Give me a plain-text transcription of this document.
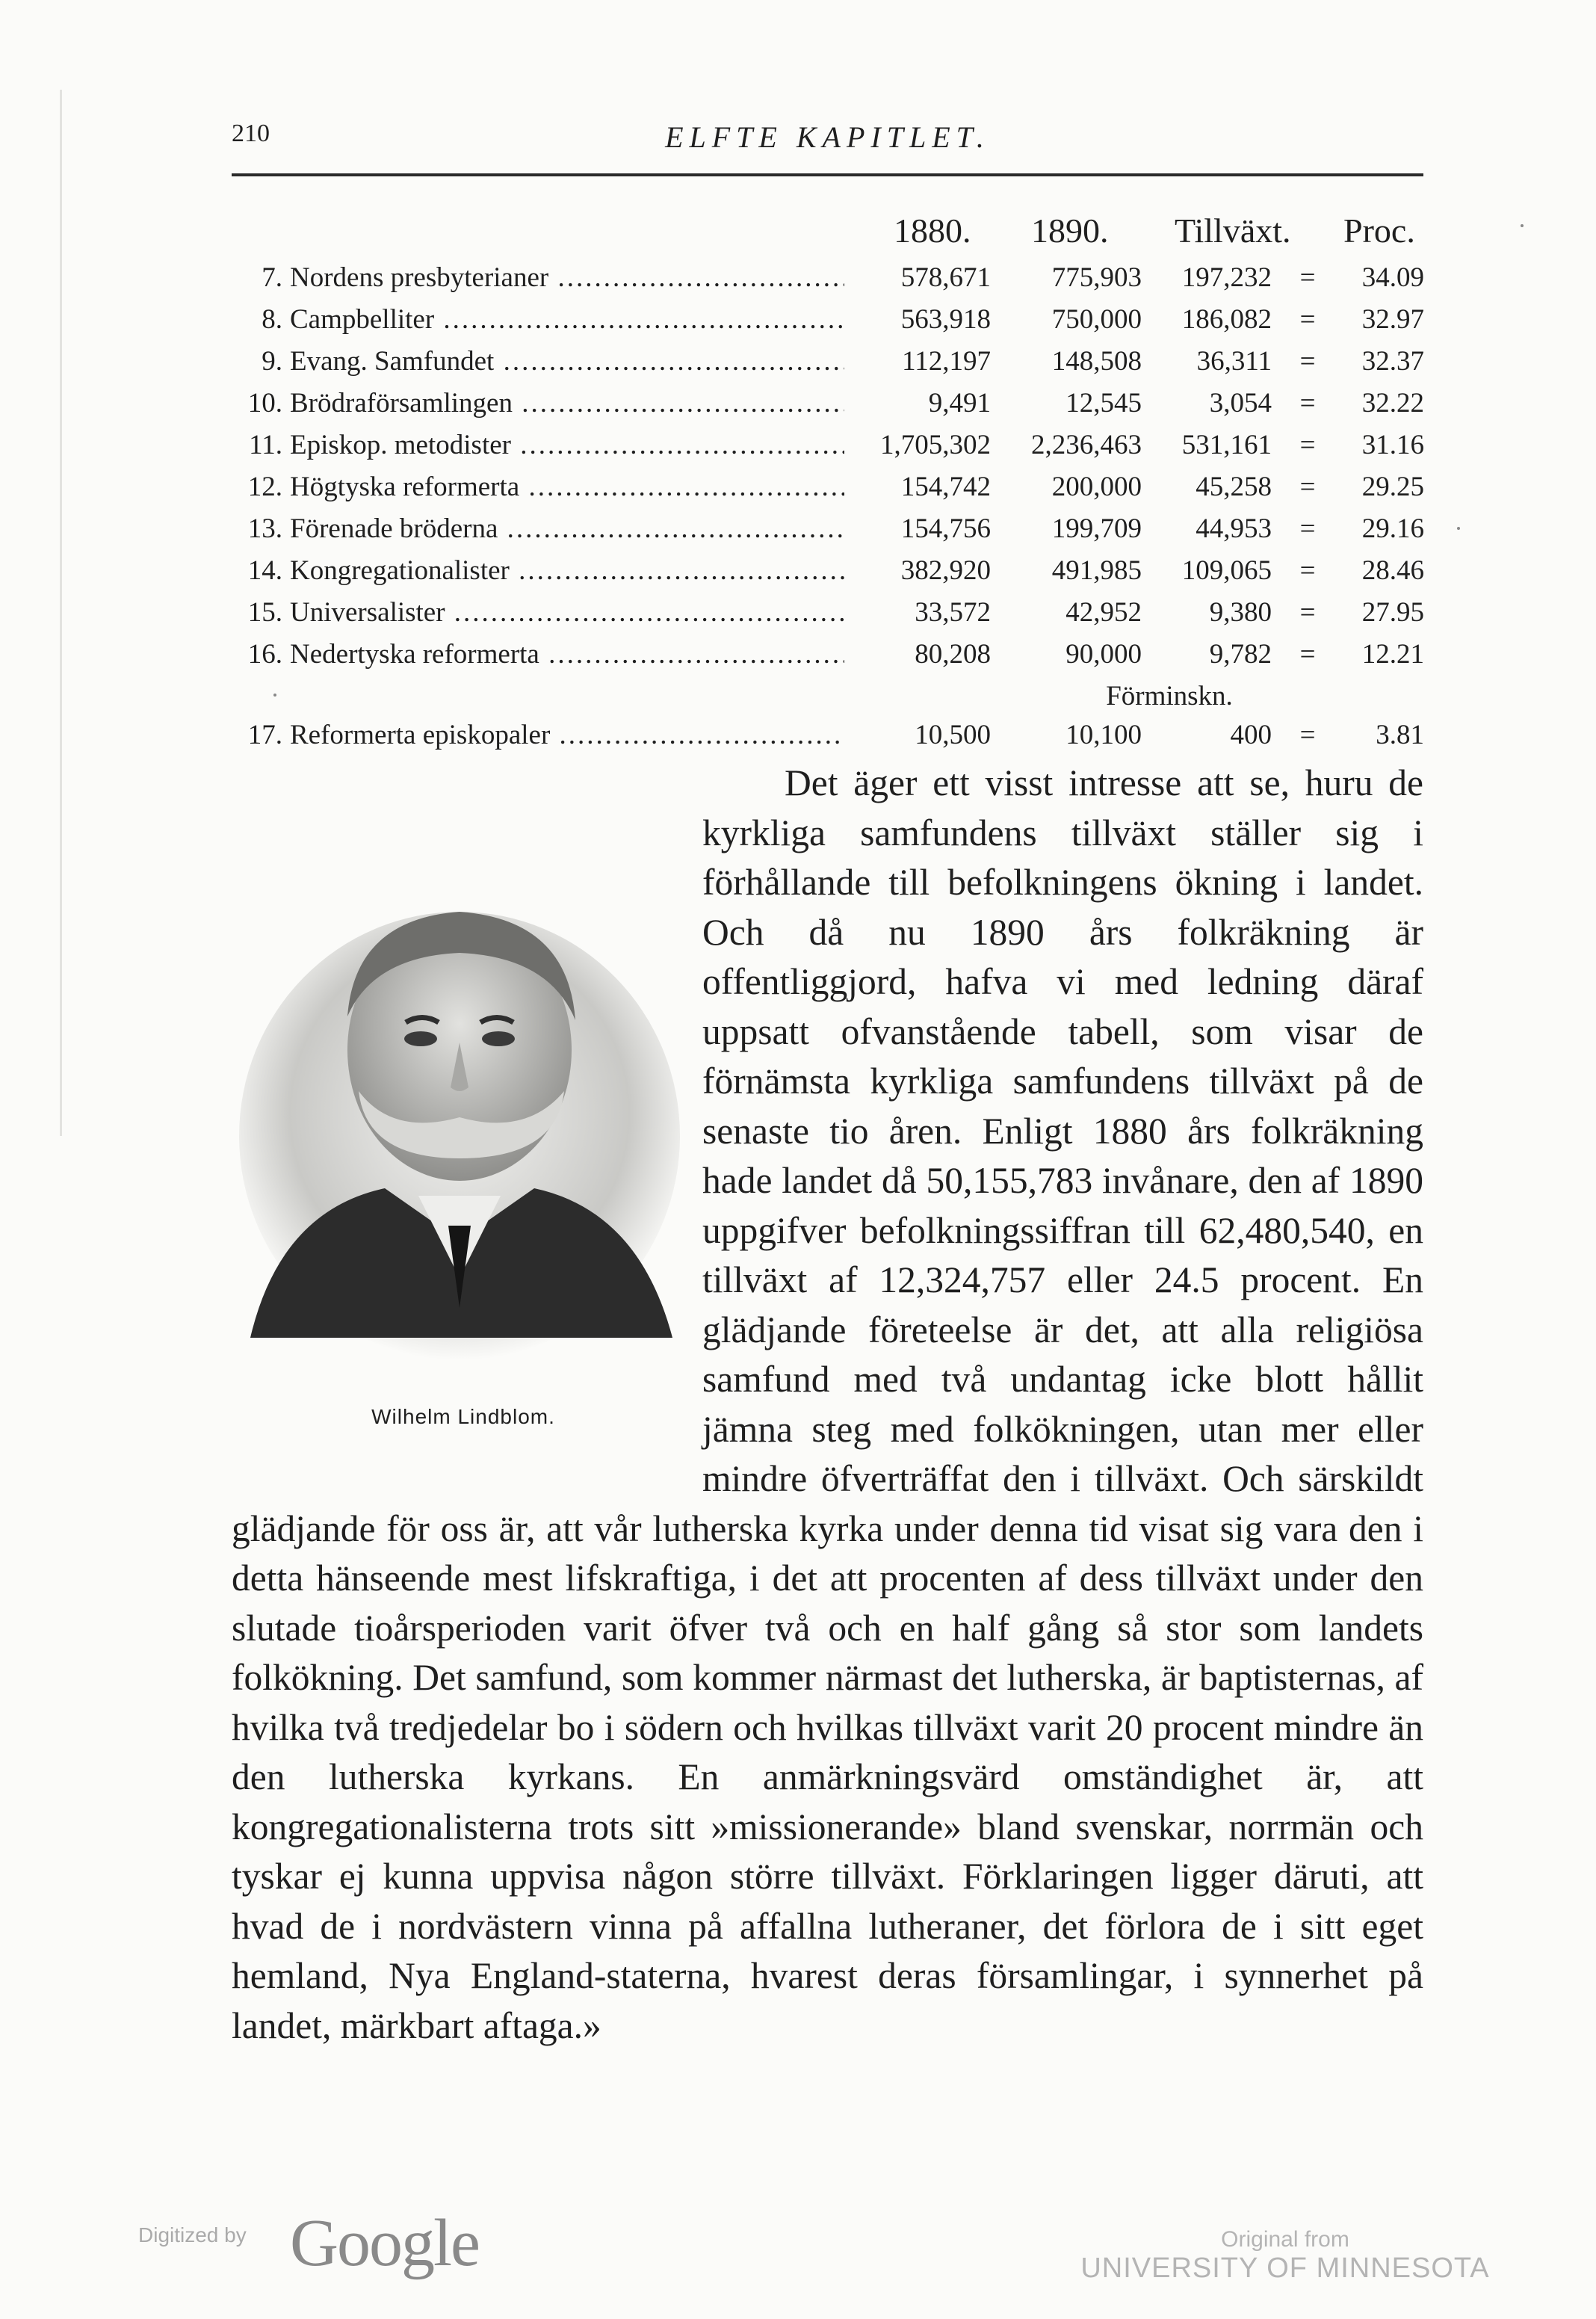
210	ELFTE KAPITLET.
1880. 1890. Tillväxt. Proc.
7. Nordens presbyterianer .....	578,671	775,903	197,232 =	34.09
8. Campbelliter .....	563,918	750,000	186,082 =	32.97
9. Evang. Samfundet .....	112,197	148,508	36,311 =	32.37
10. Brödraförsamlingen .....	9,491	12,545	3,054 =	32.22
11. Episkop. metodister .....	1,705,302	2,236,463	531,161 =	31.16
12. Högtyska reformerta .....	154,742	200,000	45,258 =	29.25
13. Förenade bröderna .....	154,756	199,709	44,953 =	29.16
14. Kongregationalister .....	382,920	491,985	109,065 =	28.46
15. Universalister .....	33,572	42,952	9,380 =	27.95
16. Nedertyska reformerta .....	80,208	90,000	9,782 =	12.21
17. Reformerta episkopaler .....	10,500	10,100	400 =	3.81
Förminskn.

Det äger ett visst intresse att se, huru de kyrkliga samfundens tillväxt ställer sig i förhållande till befolkningens ökning i landet. Och då nu 1890 års folkräkning är offentliggjord, hafva vi med ledning däraf uppsatt ofvanstående tabell, som visar de förnämsta kyrkliga samfundens tillväxt på de senaste tio åren. Enligt 1880 års folkräkning hade landet då 50,155,783 invånare, den af 1890 uppgifver befolkningssiffran till 62,480,540, en tillväxt af 12,324,757 eller 24.5 procent. En glädjande företeelse är det, att alla religiösa samfund med två undantag icke blott hållit jämna steg med folkökningen, utan mer eller mindre öfverträffat den i tillväxt. Och särskildt glädjande för oss är, att vår lutherska kyrka under denna tid visat sig vara den i detta hänseende mest lifskraftiga, i det att procenten af dess tillväxt under den slutade tioårsperioden varit öfver två och en half gång så stor som landets folkökning. Det samfund, som kommer närmast det lutherska, är baptisternas, af hvilka två tredjedelar bo i södern och hvilkas tillväxt varit 20 procent mindre än den lutherska kyrkans. En anmärkningsvärd omständighet är, att kongregationalisterna trots sitt »missionerande» bland svenskar, norrmän och tyskar ej kunna uppvisa någon större tillväxt. Förklaringen ligger däruti, att hvad de i nordvästern vinna på affallna lutheraner, det förlora de i sitt eget hemland, Nya England-staterna, hvarest deras församlingar, i synnerhet på landet, märkbart aftaga.»

Wilhelm Lindblom.
Digitized by Google	Original from
UNIVERSITY OF MINNESOTA
